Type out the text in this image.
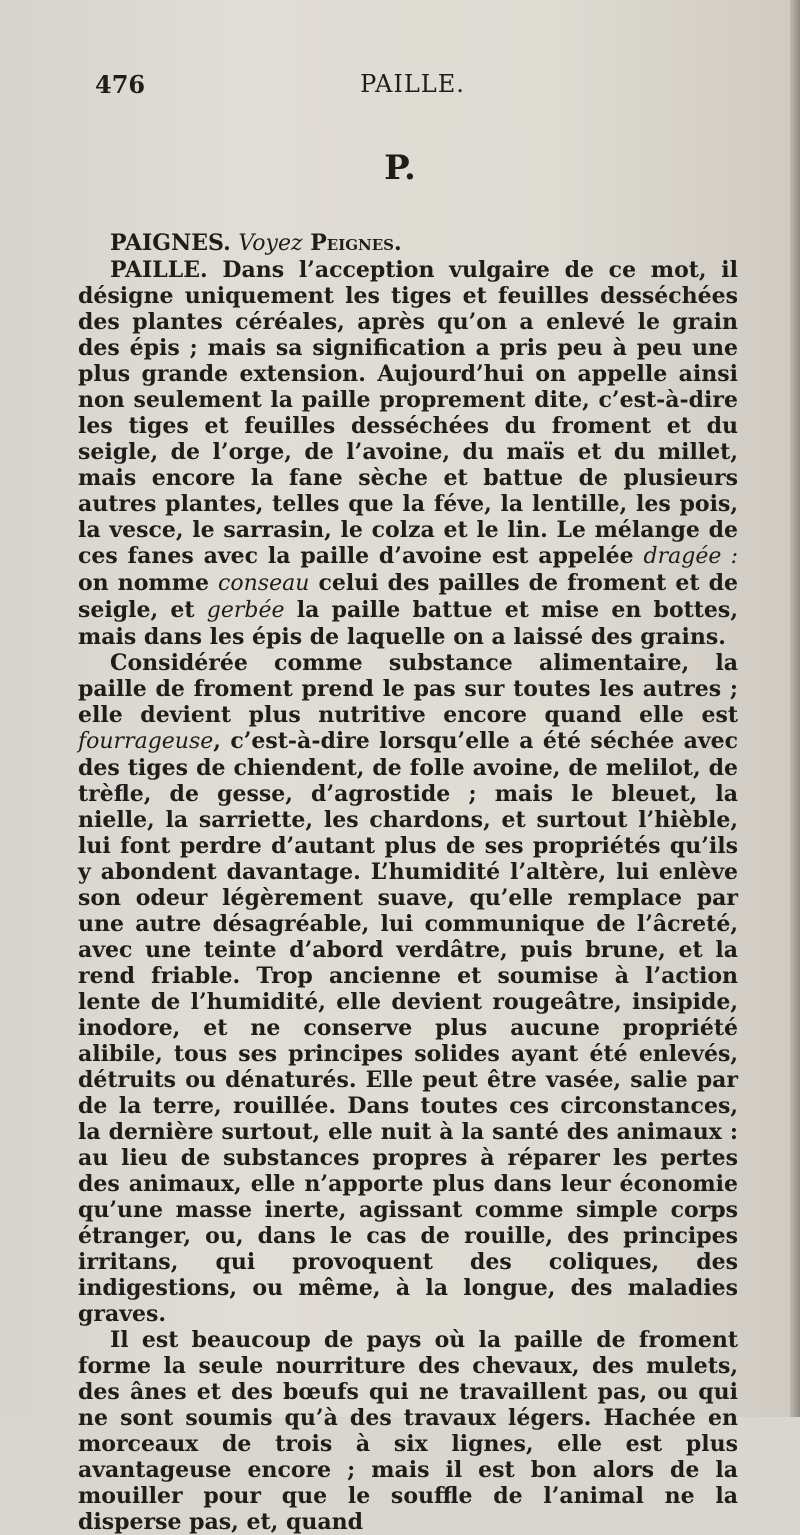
476	PAILLE.
P.

PAIGNES. Voyez Peignes.

PAILLE. Dans l’acception vulgaire de ce mot, il désigne uniquement les tiges et feuilles desséchées des plantes céréales, après qu’on a enlevé le grain des épis ; mais sa signification a pris peu à peu une plus grande extension. Aujourd’hui on appelle ainsi non seulement la paille proprement dite, c’est-à-dire les tiges et feuilles desséchées du froment et du seigle, de l’orge, de l’avoine, du maïs et du millet, mais encore la fane sèche et battue de plusieurs autres plantes, telles que la féve, la lentille, les pois, la vesce, le sarrasin, le colza et le lin. Le mélange de ces fanes avec la paille d’avoine est appelée dragée : on nomme conseau celui des pailles de froment et de seigle, et gerbée la paille battue et mise en bottes, mais dans les épis de laquelle on a laissé des grains.

Considérée comme substance alimentaire, la paille de froment prend le pas sur toutes les autres ; elle devient plus nutritive encore quand elle est fourrageuse, c’est-à-dire lorsqu’elle a été séchée avec des tiges de chiendent, de folle avoine, de melilot, de trèfle, de gesse, d’agrostide ; mais le bleuet, la nielle, la sarriette, les chardons, et surtout l’hièble, lui font perdre d’autant plus de ses propriétés qu’ils y abondent davantage. L’humidité l’altère, lui enlève son odeur légèrement suave, qu’elle remplace par une autre désagréable, lui communique de l’âcreté, avec une teinte d’abord verdâtre, puis brune, et la rend friable. Trop ancienne et soumise à l’action lente de l’humidité, elle devient rougeâtre, insipide, inodore, et ne conserve plus aucune propriété alibile, tous ses principes solides ayant été enlevés, détruits ou dénaturés. Elle peut être vasée, salie par de la terre, rouillée. Dans toutes ces circonstances, la dernière surtout, elle nuit à la santé des animaux : au lieu de substances propres à réparer les pertes des animaux, elle n’apporte plus dans leur économie qu’une masse inerte, agissant comme simple corps étranger, ou, dans le cas de rouille, des principes irritans, qui provoquent des coliques, des indigestions, ou même, à la longue, des maladies graves.

Il est beaucoup de pays où la paille de froment forme la seule nourriture des chevaux, des mulets, des ânes et des bœufs qui ne travaillent pas, ou qui ne sont soumis qu’à des travaux légers. Hachée en morceaux de trois à six lignes, elle est plus avantageuse encore ; mais il est bon alors de la mouiller pour que le souffle de l’animal ne la disperse pas, et, quand
